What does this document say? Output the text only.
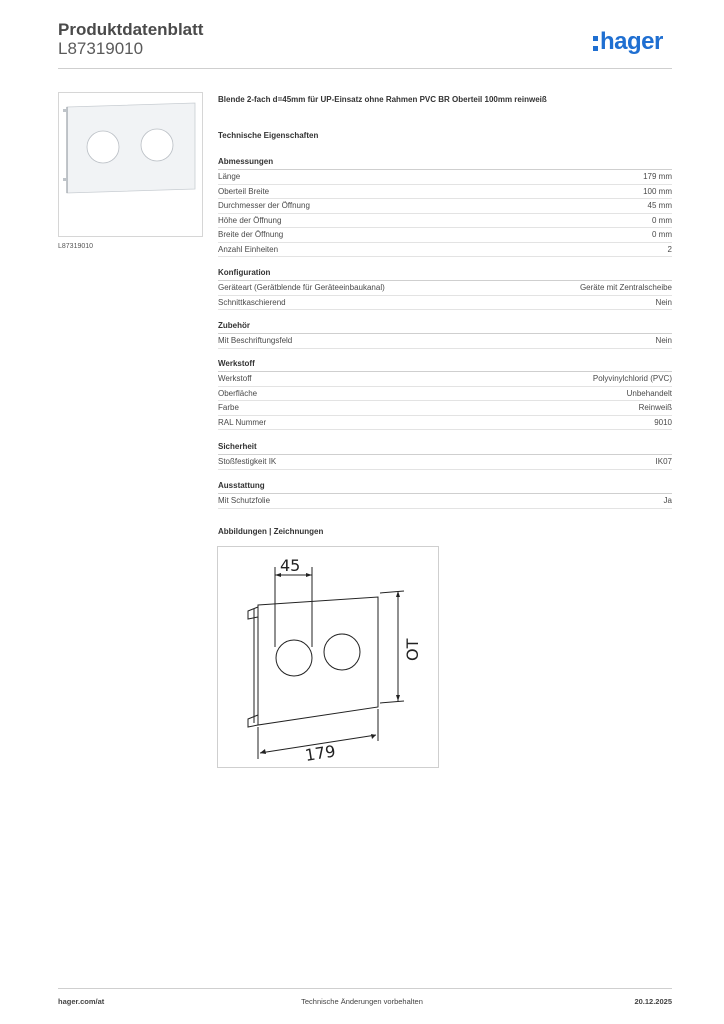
Produktdatenblatt
L87319010	hager
L87319010
Blende 2-fach d=45mm für UP-Einsatz ohne Rahmen PVC BR Oberteil 100mm reinweiß
Technische Eigenschaften
Abmessungen
Länge	179 mm
Oberteil Breite	100 mm
Durchmesser der Öffnung	45 mm
Höhe der Öffnung	0 mm
Breite der Öffnung	0 mm
Anzahl Einheiten	2
Konfiguration
Geräteart (Gerätblende für Geräteeinbaukanal)	Geräte mit Zentralscheibe
Schnittkaschierend	Nein
Zubehör
Mit Beschriftungsfeld	Nein
Werkstoff
Werkstoff	Polyvinylchlorid (PVC)
Oberfläche	Unbehandelt
Farbe	Reinweiß
RAL Nummer	9010
Sicherheit
Stoßfestigkeit IK	IK07
Ausstattung
Mit Schutzfolie	Ja
Abbildungen | Zeichnungen
45
OT
179
hager.com/at	Technische Änderungen vorbehalten	20.12.2025
